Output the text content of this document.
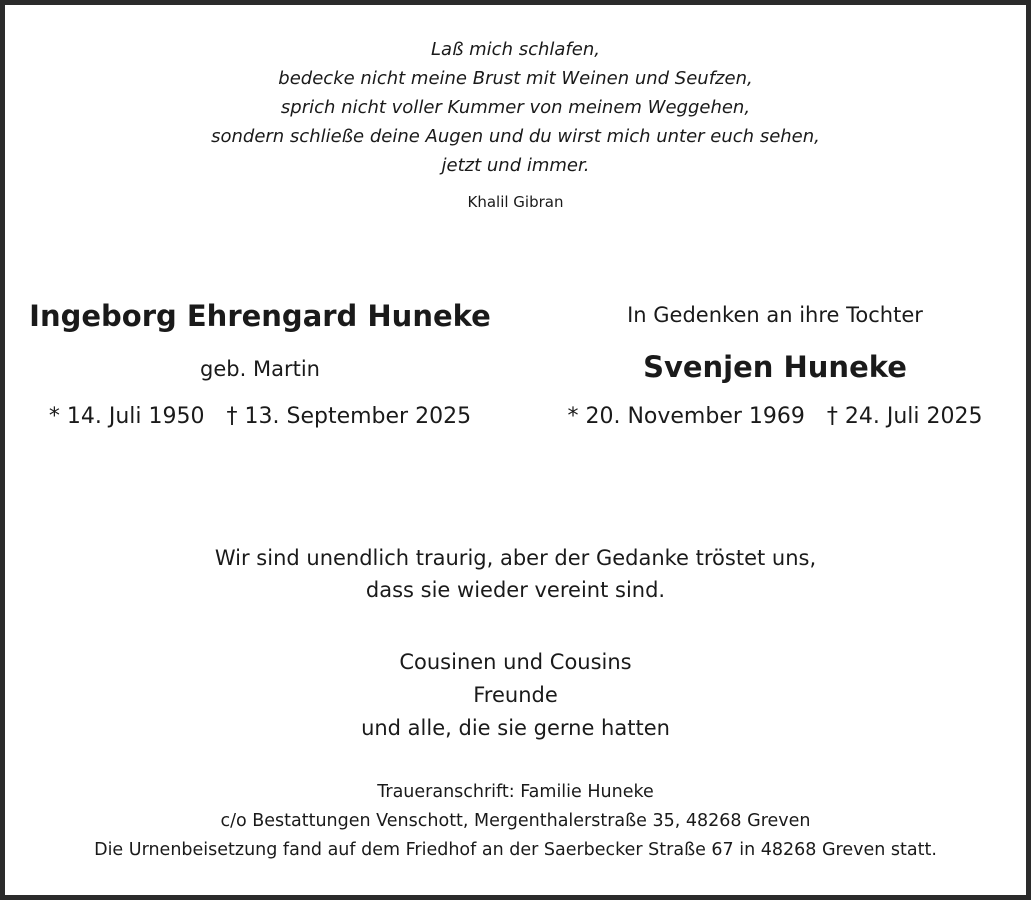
Laß mich schlafen,
bedecke nicht meine Brust mit Weinen und Seufzen,
sprich nicht voller Kummer von meinem Weggehen,
sondern schließe deine Augen und du wirst mich unter euch sehen,
jetzt und immer.
Khalil Gibran
Ingeborg Ehrengard Huneke
geb. Martin
* 14. Juli 1950 † 13. September 2025
In Gedenken an ihre Tochter
Svenjen Huneke
* 20. November 1969 † 24. Juli 2025
Wir sind unendlich traurig, aber der Gedanke tröstet uns,
dass sie wieder vereint sind.
Cousinen und Cousins
Freunde
und alle, die sie gerne hatten
Traueranschrift: Familie Huneke
c/o Bestattungen Venschott, Mergenthalerstraße 35, 48268 Greven
Die Urnenbeisetzung fand auf dem Friedhof an der Saerbecker Straße 67 in 48268 Greven statt.
